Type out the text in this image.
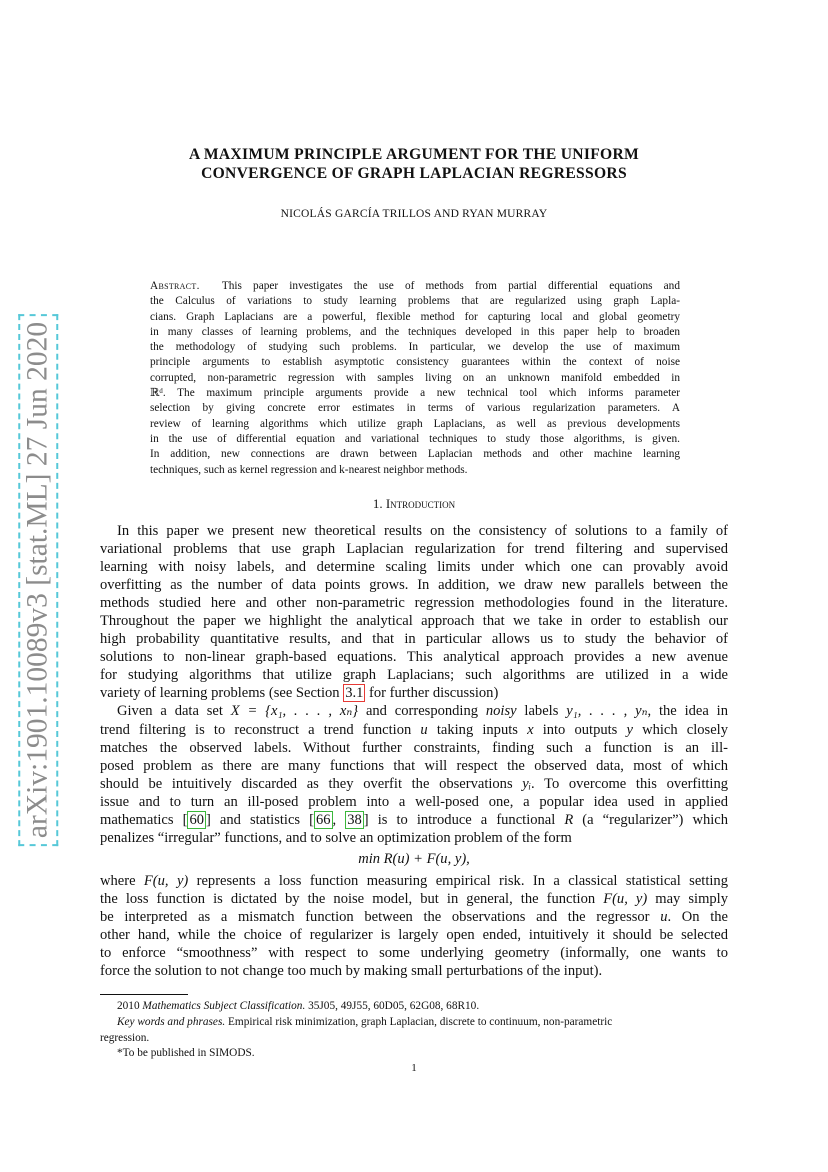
arXiv:1901.10089v3 [stat.ML] 27 Jun 2020
A MAXIMUM PRINCIPLE ARGUMENT FOR THE UNIFORM
CONVERGENCE OF GRAPH LAPLACIAN REGRESSORS
NICOLÁS GARCÍA TRILLOS AND RYAN MURRAY
Abstract. This paper investigates the use of methods from partial differential equations and
the Calculus of variations to study learning problems that are regularized using graph Lapla-
cians. Graph Laplacians are a powerful, flexible method for capturing local and global geometry
in many classes of learning problems, and the techniques developed in this paper help to broaden
the methodology of studying such problems. In particular, we develop the use of maximum
principle arguments to establish asymptotic consistency guarantees within the context of noise
corrupted, non-parametric regression with samples living on an unknown manifold embedded in
ℝᵈ. The maximum principle arguments provide a new technical tool which informs parameter
selection by giving concrete error estimates in terms of various regularization parameters. A
review of learning algorithms which utilize graph Laplacians, as well as previous developments
in the use of differential equation and variational techniques to study those algorithms, is given.
In addition, new connections are drawn between Laplacian methods and other machine learning
techniques, such as kernel regression and k-nearest neighbor methods.
1. Introduction
In this paper we present new theoretical results on the consistency of solutions to a family of
variational problems that use graph Laplacian regularization for trend filtering and supervised
learning with noisy labels, and determine scaling limits under which one can provably avoid
overfitting as the number of data points grows. In addition, we draw new parallels between the
methods studied here and other non-parametric regression methodologies found in the literature.
Throughout the paper we highlight the analytical approach that we take in order to establish our
high probability quantitative results, and that in particular allows us to study the behavior of
solutions to non-linear graph-based equations. This analytical approach provides a new avenue
for studying algorithms that utilize graph Laplacians; such algorithms are utilized in a wide
variety of learning problems (see Section 3.1 for further discussion)
Given a data set X = {x₁, . . . , xₙ} and corresponding noisy labels y₁, . . . , yₙ, the idea in
trend filtering is to reconstruct a trend function u taking inputs x into outputs y which closely
matches the observed labels. Without further constraints, finding such a function is an ill-
posed problem as there are many functions that will respect the observed data, most of which
should be intuitively discarded as they overfit the observations yᵢ. To overcome this overfitting
issue and to turn an ill-posed problem into a well-posed one, a popular idea used in applied
mathematics [ 60 ] and statistics [ 66 , 38 ] is to introduce a functional R (a “regularizer”) which
penalizes “irregular” functions, and to solve an optimization problem of the form
min R(u) + F(u, y),
where F(u, y) represents a loss function measuring empirical risk. In a classical statistical setting
the loss function is dictated by the noise model, but in general, the function F(u, y) may simply
be interpreted as a mismatch function between the observations and the regressor u. On the
other hand, while the choice of regularizer is largely open ended, intuitively it should be selected
to enforce “smoothness” with respect to some underlying geometry (informally, one wants to
force the solution to not change too much by making small perturbations of the input).
2010 Mathematics Subject Classification. 35J05, 49J55, 60D05, 62G08, 68R10.
Key words and phrases. Empirical risk minimization, graph Laplacian, discrete to continuum, non-parametric
regression.
*To be published in SIMODS.
1
